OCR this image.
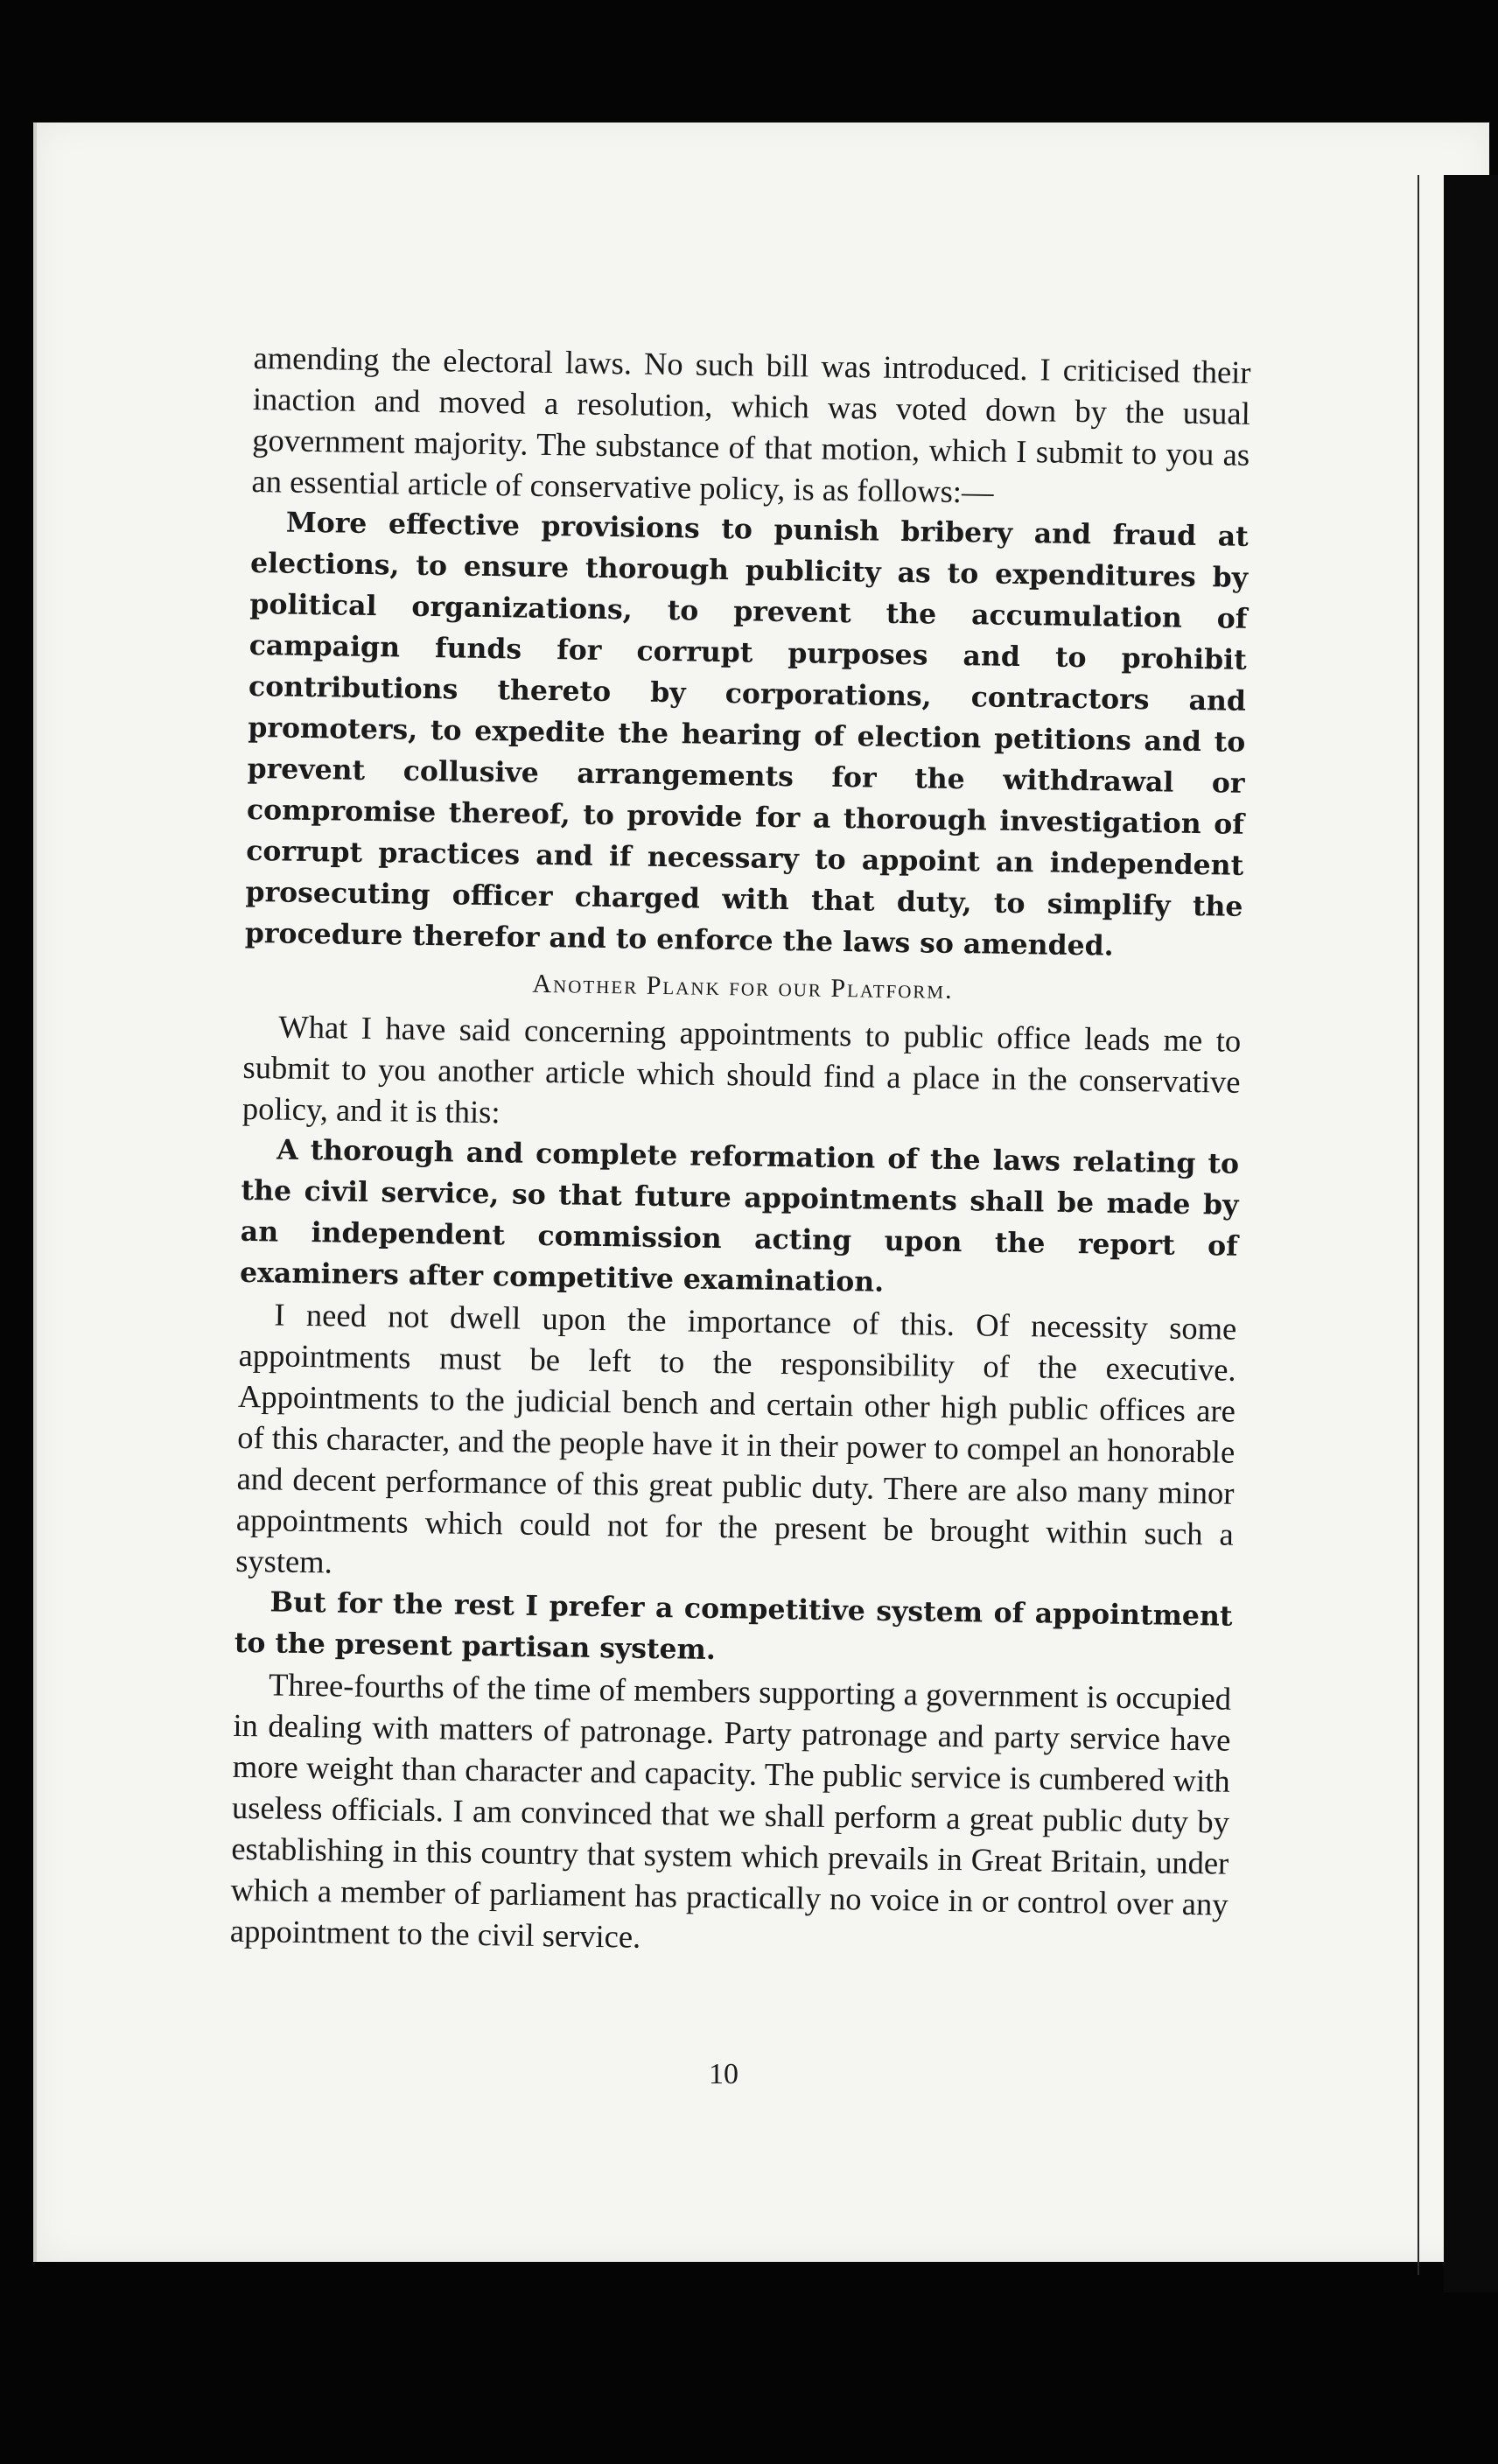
amending the electoral laws. No such bill was introduced. I criticised their inaction and moved a resolution, which was voted down by the usual government majority. The substance of that motion, which I submit to you as an essential article of conservative policy, is as follows:—

More effective provisions to punish bribery and fraud at elections, to ensure thorough publicity as to expenditures by political organizations, to prevent the accumulation of campaign funds for corrupt purposes and to prohibit contributions thereto by corporations, contractors and promoters, to expedite the hearing of election petitions and to prevent collusive arrangements for the withdrawal or compromise thereof, to provide for a thorough investigation of corrupt practices and if necessary to appoint an independent prosecuting officer charged with that duty, to simplify the procedure therefor and to enforce the laws so amended.

Another Plank for our Platform.

What I have said concerning appointments to public office leads me to submit to you another article which should find a place in the conservative policy, and it is this:

A thorough and complete reformation of the laws relating to the civil service, so that future appointments shall be made by an independent commission acting upon the report of examiners after competitive examination.

I need not dwell upon the importance of this. Of necessity some appointments must be left to the responsibility of the executive. Appointments to the judicial bench and certain other high public offices are of this character, and the people have it in their power to compel an honorable and decent performance of this great public duty. There are also many minor appointments which could not for the present be brought within such a system.

But for the rest I prefer a competitive system of appointment to the present partisan system.

Three-fourths of the time of members supporting a government is occupied in dealing with matters of patronage. Party patronage and party service have more weight than character and capacity. The public service is cumbered with useless officials. I am convinced that we shall perform a great public duty by establishing in this country that system which prevails in Great Britain, under which a member of parliament has practically no voice in or control over any appointment to the civil service.

10
